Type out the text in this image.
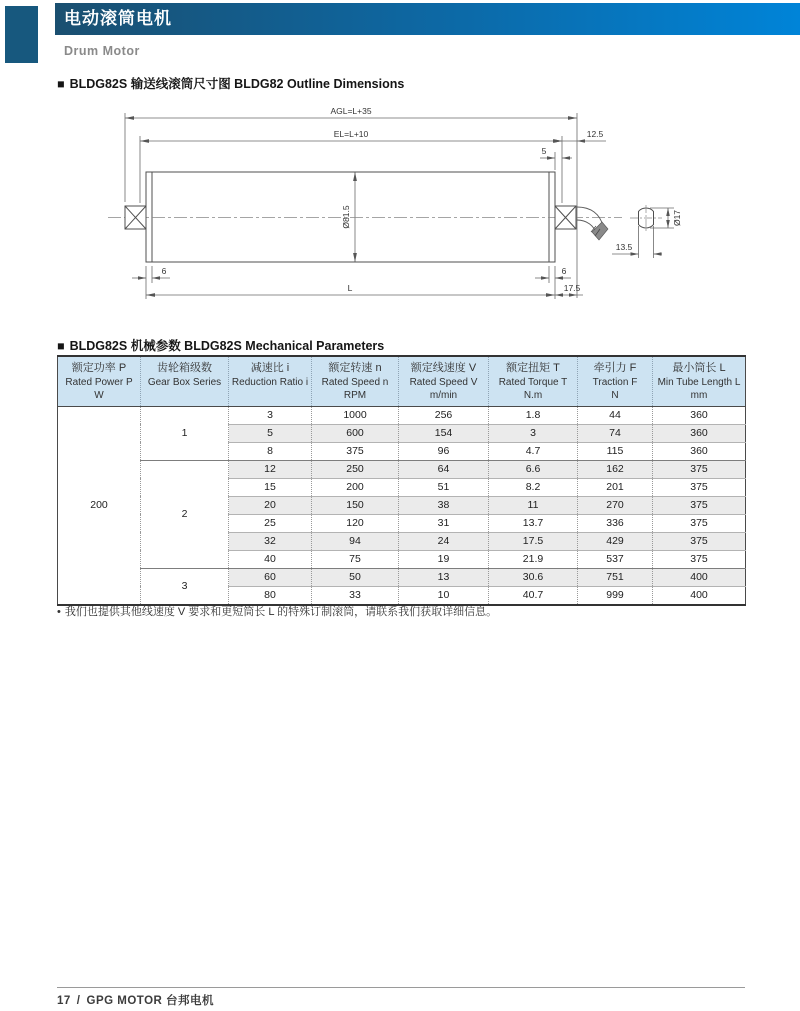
电动滚筒电机
Drum Motor
■ BLDG82S 输送线滚筒尺寸图 BLDG82 Outline Dimensions
AGL=L+35
EL=L+10	12.5
5
Ø81.5
6	6
L	17.5
Ø17
13.5
■ BLDG82S 机械参数 BLDG82S Mechanical Parameters
额定功率 P
Rated Power P
W

齿轮箱级数
Gear Box Series

减速比 i
Reduction Ratio i

额定转速 n
Rated Speed n
RPM

额定线速度 V
Rated Speed V
m/min

额定扭矩 T
Rated Torque T
N.m

牵引力 F
Traction F
N

最小筒长 L
Min Tube Length L
mm

200	1	3	1000	256	1.8	44	360
		5	600	154	3	74	360
		8	375	96	4.7	115	360
	2	12	250	64	6.6	162	375
		15	200	51	8.2	201	375
		20	150	38	11	270	375
		25	120	31	13.7	336	375
		32	94	24	17.5	429	375
		40	75	19	21.9	537	375
	3	60	50	13	30.6	751	400
		80	33	10	40.7	999	400
• 我们也提供其他线速度 V 要求和更短筒长 L 的特殊订制滚筒，请联系我们获取详细信息。
17 / GPG MOTOR 台邦电机
